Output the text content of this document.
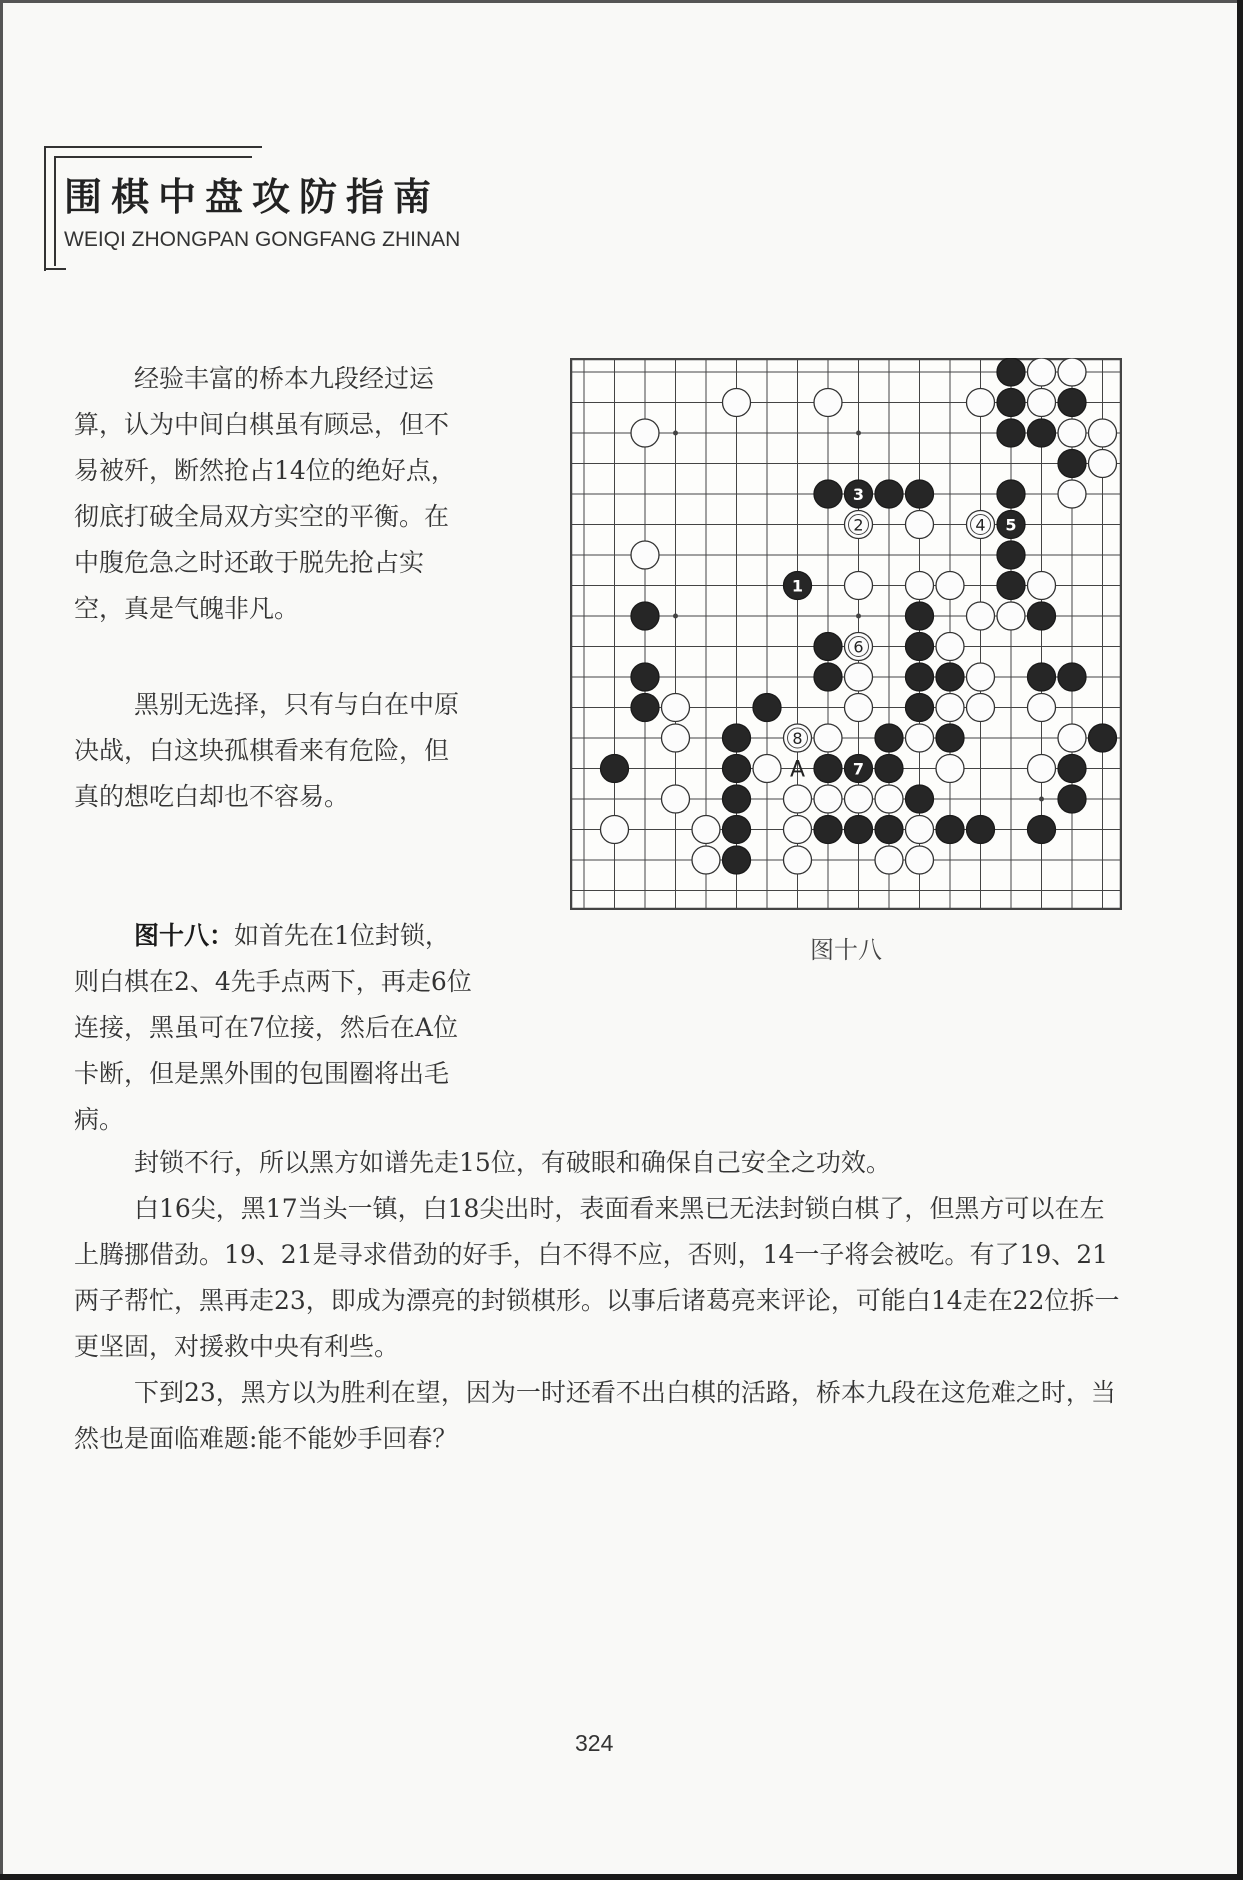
围棋中盘攻防指南
WEIQI ZHONGPAN GONGFANG ZHINAN

经验丰富的桥本九段经过运算，认为中间白棋虽有顾忌，但不易被歼，断然抢占14位的绝好点，彻底打破全局双方实空的平衡。在中腹危急之时还敢于脱先抢占实空，真是气魄非凡。

黑别无选择，只有与白在中原决战，白这块孤棋看来有危险，但真的想吃白却也不容易。

图十八：如首先在1位封锁，则白棋在2、4先手点两下，再走6位连接，黑虽可在7位接，然后在A位卡断，但是黑外围的包围圈将出毛病。

封锁不行，所以黑方如谱先走15位，有破眼和确保自己安全之功效。

白16尖，黑17当头一镇，白18尖出时，表面看来黑已无法封锁白棋了，但黑方可以在左上腾挪借劲。19、21是寻求借劲的好手，白不得不应，否则，14一子将会被吃。有了19、21两子帮忙，黑再走23，即成为漂亮的封锁棋形。以事后诸葛亮来评论，可能白14走在22位拆一更坚固，对援救中央有利些。

下到23，黑方以为胜利在望，因为一时还看不出白棋的活路，桥本九段在这危难之时，当然也是面临难题:能不能妙手回春？

3
2	4 5
1
6
8
7
A
图十八
324
